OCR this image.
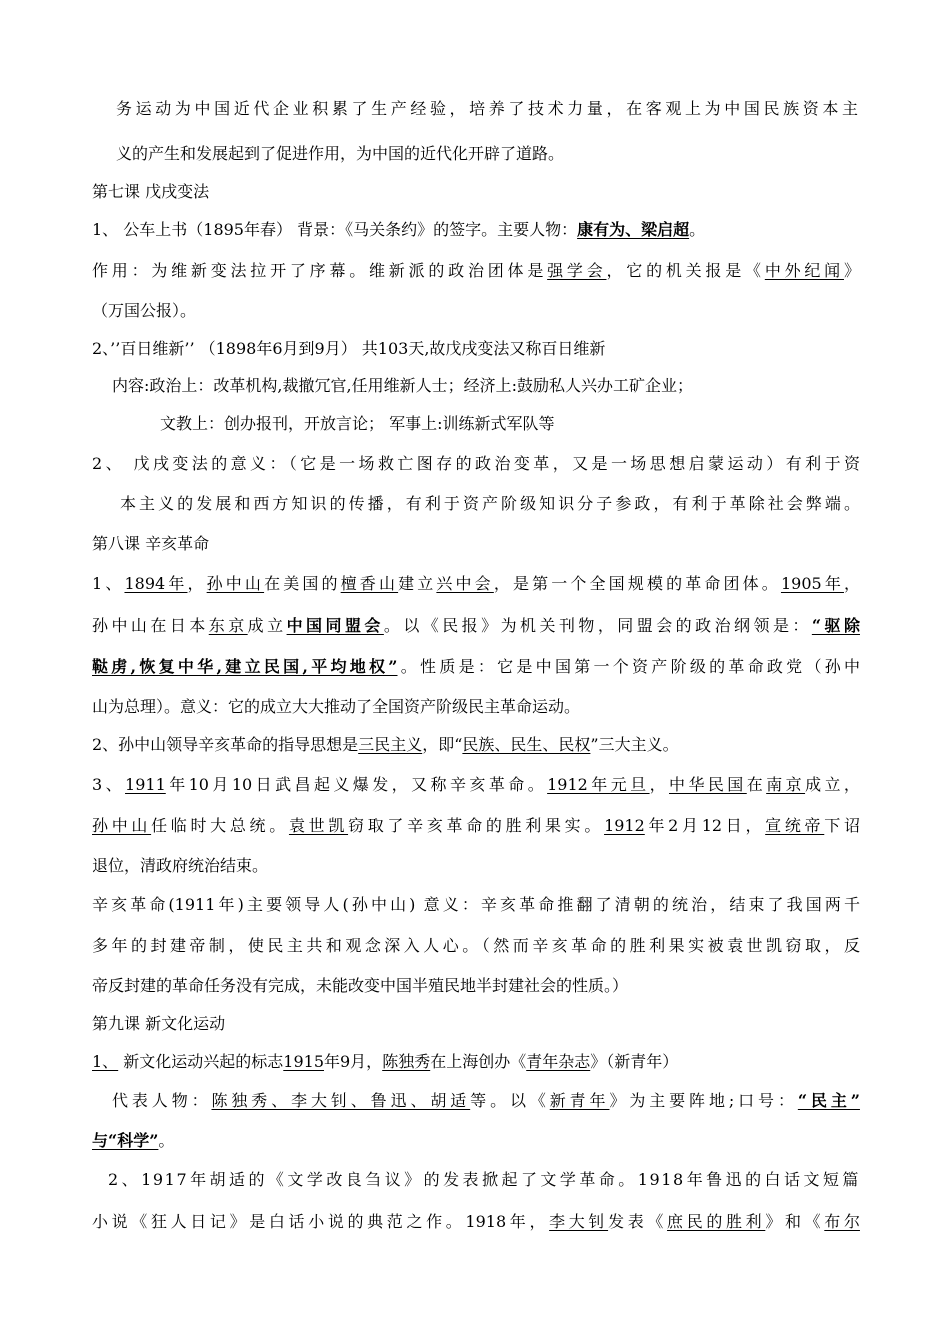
务运动为中国近代企业积累了生产经验，培养了技术力量，在客观上为中国民族资本主
义的产生和发展起到了促进作用，为中国的近代化开辟了道路。
第七课 戊戌变法
1、 公车上书（1895年春） 背景：《马关条约》的签字。主要人物：康有为、梁启超。
作用：为维新变法拉开了序幕。维新派的政治团体是强学会，它的机关报是《中外纪闻》
（万国公报）。
2、’’百日维新’’ （1898年6月到9月） 共103天,故戊戌变法又称百日维新
内容:政治上：改革机构,裁撤冗官,任用维新人士；经济上:鼓励私人兴办工矿企业；
文教上：创办报刊，开放言论； 军事上:训练新式军队等
2、 戊戌变法的意义：（它是一场救亡图存的政治变革，又是一场思想启蒙运动）有利于资
本主义的发展和西方知识的传播，有利于资产阶级知识分子参政，有利于革除社会弊端。
第八课 辛亥革命
1、1894年，孙中山在美国的檀香山建立兴中会，是第一个全国规模的革命团体。1905年，
孙中山在日本东京成立中国同盟会。以《民报》为机关刊物，同盟会的政治纲领是：“驱除
鞑虏,恢复中华,建立民国,平均地权”。性质是：它是中国第一个资产阶级的革命政党（孙中
山为总理）。意义：它的成立大大推动了全国资产阶级民主革命运动。
2、孙中山领导辛亥革命的指导思想是三民主义，即“民族、民生、民权”三大主义。
3、1911年10月10日武昌起义爆发，又称辛亥革命。1912年元旦，中华民国在南京成立，
孙中山任临时大总统。袁世凯窃取了辛亥革命的胜利果实。1912年2月12日，宣统帝下诏
退位，清政府统治结束。
辛亥革命(1911年)主要领导人(孙中山) 意义：辛亥革命推翻了清朝的统治，结束了我国两千
多年的封建帝制，使民主共和观念深入人心。（然而辛亥革命的胜利果实被袁世凯窃取，反
帝反封建的革命任务没有完成，未能改变中国半殖民地半封建社会的性质。）
第九课 新文化运动
1、 新文化运动兴起的标志1915年9月，陈独秀在上海创办《青年杂志》（新青年）
代表人物：陈独秀、李大钊、鲁迅、胡适等。以《新青年》为主要阵地;口号：“民主”
与“科学”。
2、1917年胡适的《文学改良刍议》的发表掀起了文学革命。1918年鲁迅的白话文短篇
小说《狂人日记》是白话小说的典范之作。1918年，李大钊发表《庶民的胜利》和《布尔
